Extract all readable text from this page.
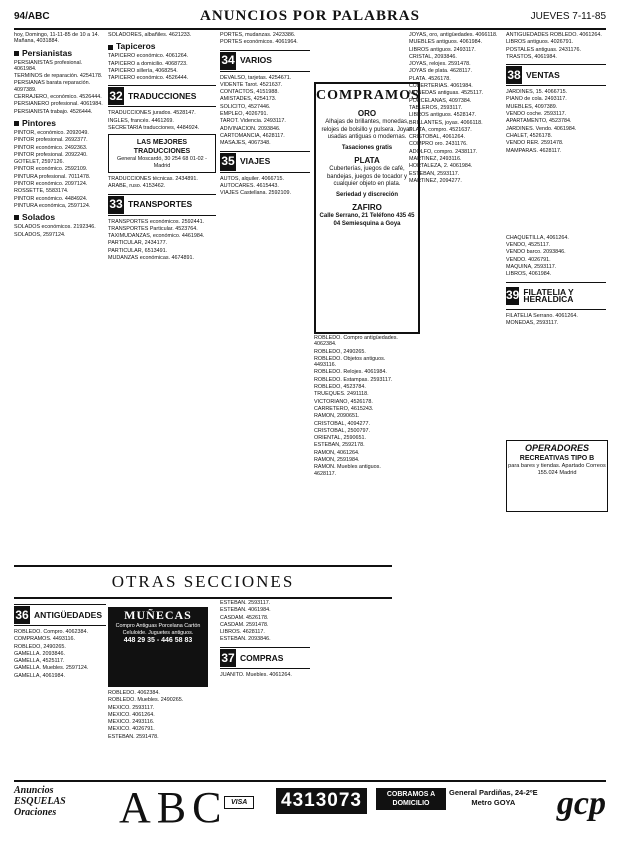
94/ABC	ANUNCIOS POR PALABRAS	JUEVES 7-11-85

hoy, Domingo, 11-11-85 de 10 a 14. Mañana, 4031884.

Persianistas

PERSIANISTAS profesional. 4061984.

TERMINOS de reparación. 4254178.

PERSIANAS barata reparación. 4097389.

CERRAJERO, económico. 4526444.

PERSIANERO profesional. 4061984.

PERSIANISTA trabajo. 4526444.

Pintores

PINTOR, económico. 2092049.

PINTOR profesional. 2692377.

PINTOR económico. 2492363.

PINTOR profesional. 2092240.

GOTELET, 2597126.

PINTOR económico. 2592109.

PINTURA profesional. 7011478.

PINTOR económico. 2097124.

ROSSETTE, 5583174.

PINTOR económico. 4484924.

PINTURA económica, 2597124.

Solados

SOLADOS económicos. 2192346.

SOLADOS, 2597124.

SOLADORES, albañiles. 4621233.

Tapiceros

TAPICERO económico. 4061264.

TAPICERO a domicilio. 4068723.

TAPICERO sillería, 4068254.

TAPICERO económico. 4526444.

32 TRADUCCIONES

TRADUCCIONES jurados. 4528147.

INGLES, francés. 4461269.

SECRETARIA traducciones, 4484924.

LAS MEJORES TRADUCCIONES
General Moscardó, 30 254 68 01-02 - Madrid

TRADUCCIONES técnicas. 2434891.

ARABE, ruso. 4153462.

33 TRANSPORTES

TRANSPORTES económicos. 2592441.

TRANSPORTES Particular. 4523764.

TAXIMUDANZAS, económico. 4461984.

PARTICULAR, 2434177.

PARTICULAR, 6513491.

MUDANZAS económicas. 4674891.

PORTES, mudanzas. 2423386.

PORTES económicos. 4061964.

34 VARIOS

DEVALSO, tarjetas. 4254671.

VIDENTE Tarot. 4521637.

CONTACTOS, 4151988.

AMISTADES, 4254173.

SOLICITO, 4527446.

EMPLEO, 4026791.

TAROT. Videncia. 2493117.

ADIVINACION. 2093846.

CARTOMANCIA, 4628117.

MASAJES, 4067348.

35 VIAJES

AUTOS, alquiler. 4066715.

AUTOCARES. 4615443.

VIAJES Castellana. 2592109.

COMPRAMOS
ORO
Alhajas de brillantes, monedas, relojes de bolsillo y pulsera. Joyas usadas antiguas o modernas.
Tasaciones gratis
PLATA
Cuberterías, juegos de café, bandejas, juegos de tocador y cualquier objeto en plata.
Seriedad y discreción
ZAFIRO
Calle Serrano, 21 Teléfono 435 45 04 Semiesquina a Goya

ROBLEDO. Compro antigüedades. 4062384.

ROBLEDO, 2490265.

ROBLEDO. Objetos antiguos. 4493116.

ROBLEDO. Relojes. 4061984.

ROBLEDO. Estampas. 2593117.

ROBLEDO, 4523784.

TRUEQUES. 2491118.

VICTORIANO, 4526178.

CARRETERO, 4615243.

RAMON, 2090651.

CRISTOBAL, 4094277.

CRISTOBAL, 2500797.

ORIENTAL, 2590651.

ESTEBAN, 2592178.

RAMON, 4061264.

RAMON, 2591984.

RAMON. Muebles antiguos. 4628117.

JOYAS, oro, antigüedades. 4066118.

MUEBLES antiguos. 4061984.

LIBROS antiguos. 2493117.

CRISTAL, 2093846.

JOYAS, relojes. 2591478.

JOYAS de plata. 4628117.

PLATA. 4526178.

CUBERTERIAS. 4061984.

MONEDAS antiguas. 4525117.

PORCELANAS, 4097384.

TABLEROS, 2593117.

LIBROS antiguos. 4528147.

BRILLANTES, joyas. 4066118.

PLATA, compro. 4521637.

CRISTOBAL, 4061264.

COMPRO oro. 2431176.

ADOLFO, compro. 2438117.

MARTINEZ, 2493116.

HORTALEZA, 2. 4061984.

ESTEBAN, 2593117.

MARTINEZ, 2094277.

ANTIGUEDADES ROBLEDO. 4061264.

LIBROS antiguos. 4026791.

POSTALES antiguas. 2431176.

TRASTOS, 4061984.

38 VENTAS

JARDINES, 15. 4066715.

PIANO de cola. 2493117.

MUEBLES, 4097389.

VENDO coche. 2593117.

APARTAMENTO, 4523784.

JARDINES. Vendo. 4061984.

CHALET, 4526178.

VENDO RER. 2591478.

MAMPARAS. 4628117.

CHAQUETILLA, 4061264.

VENDO, 4525117.

VENDO barco. 2093846.

VENDO. 4026791.

MAQUINA, 2593117.

LIBROS, 4061984.

39 FILATELIA Y HERALDICA

FILATELIA Serrano. 4061264.

MONEDAS, 2593117.

OPERADORES
RECREATIVAS TIPO B
para bares y tiendas. Apartado Correos 155.024 Madrid
OTRAS SECCIONES
36 ANTIGÜEDADES

ROBLEDO. Compro. 4062384.

COMPRAMOS. 4493116.

ROBLEDO, 2490265.

GAMELLA. 2093846.

GAMELLA, 4525117.

GAMELLA. Muebles. 2597124.

GAMELLA, 4061984.

MUÑECAS
Compro Antiguas Porcelana Cartón Celuloide. Juguetes antiguos.
448 29 35 - 446 58 83

ROBLEDO. 4062384.

ROBLEDO. Muebles. 2490265.

MEXICO. 2593117.

MEXICO. 4061264.

MEXICO. 2493116.

MEXICO. 4026791.

ESTEBAN. 2591478.

ESTEBAN. 2593117.

ESTEBAN. 4061984.

CASDAM. 4526178.

CASDAM. 2591478.

LIBROS. 4628117.

ESTEBAN. 2093846.

37 COMPRAS

JUANITO. Muebles. 4061264.

Anuncios ESQUELAS Oraciones	ABC VISA	4313073	COBRAMOS A DOMICILIO
General Pardiñas, 24-2ºE
Metro GOYA	gcp
